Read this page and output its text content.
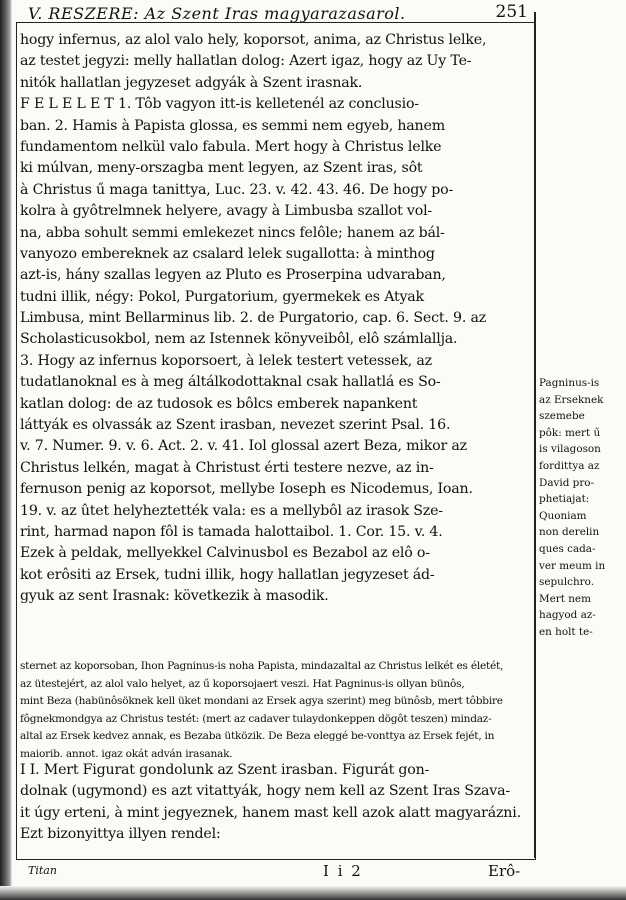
V. RESZERE: Az Szent Iras magyarazasarol.	251
hogy infernus, az alol valo hely, koporsot, anima, az Christus lelke,
az testet jegyzi: melly hallatlan dolog: Azert igaz, hogy az Uy Te-
nitók hallatlan jegyzeset adgyák à Szent irasnak.
F E L E L E T 1. Tôb vagyon itt-is kelletenél az conclusio-
ban. 2. Hamis à Papista glossa, es semmi nem egyeb, hanem
fundamentom nelkül valo fabula. Mert hogy à Christus lelke
ki múlvan, meny-orszagba ment legyen, az Szent iras, sôt
à Christus ű maga tanittya, Luc. 23. v. 42. 43. 46. De hogy po-
kolra à gyôtrelmnek helyere, avagy à Limbusba szallot vol-
na, abba sohult semmi emlekezet nincs felôle; hanem az bál-
vanyozo embereknek az csalard lelek sugallotta: à minthog
azt-is, hány szallas legyen az Pluto es Proserpina udvaraban,
tudni illik, négy: Pokol, Purgatorium, gyermekek es Atyak
Limbusa, mint Bellarminus lib. 2. de Purgatorio, cap. 6. Sect. 9. az
Scholasticusokbol, nem az Istennek könyveibôl, elô számlallja.
3. Hogy az infernus koporsoert, à lelek testert vetessek, az
tudatlanoknal es à meg áltálkodottaknal csak hallatlá es So-
katlan dolog: de az tudosok es bôlcs emberek napankent
láttyák es olvassák az Szent irasban, nevezet szerint Psal. 16.
v. 7. Numer. 9. v. 6. Act. 2. v. 41. Iol glossal azert Beza, mikor az
Christus lelkén, magat à Christust érti testere nezve, az in-
fernuson penig az koporsot, mellybe Ioseph es Nicodemus, Ioan.
19. v. az ûtet helyheztették vala: es a mellybôl az irasok Sze-
rint, harmad napon fôl is tamada halottaibol. 1. Cor. 15. v. 4.
Ezek à peldak, mellyekkel Calvinusbol es Bezabol az elô o-
kot erôsiti az Ersek, tudni illik, hogy hallatlan jegyzeset ád-
gyuk az sent Irasnak: következik à masodik.
sternet az koporsoban, Ihon Pagninus-is noha Papista, mindazaltal az Christus lelkét es életét,
az ütestejért, az alol valo helyet, az ű koporsojaert veszi. Hat Pagninus-is ollyan bünôs,
mint Beza (habünôsöknek kell üket mondani az Ersek agya szerint) meg bünôsb, mert tôbbire
fôgnekmondgya az Christus testét: (mert az cadaver tulaydonkeppen dögôt teszen) mindaz-
altal az Ersek kedvez annak, es Bezaba ütközik. De Beza eleggé be-vonttya az Ersek fejét, in
maiorib. annot. igaz okát adván irasanak.
I I. Mert Figurat gondolunk az Szent irasban. Figurát gon-
dolnak (ugymond) es azt vitattyák, hogy nem kell az Szent Iras Szava-
it úgy erteni, à mint jegyeznek, hanem mast kell azok alatt magyarázni.
Ezt bizonyittya illyen rendel:
Pagninus-is
az Erseknek
szemebe
pôk: mert ű
is vilagoson
fordittya az
David pro-
phetiajat:
Quoniam
non derelin
ques cada-
ver meum in
sepulchro.
Mert nem
hagyod az-
en holt te-
Titan	I i 2	Erô-
